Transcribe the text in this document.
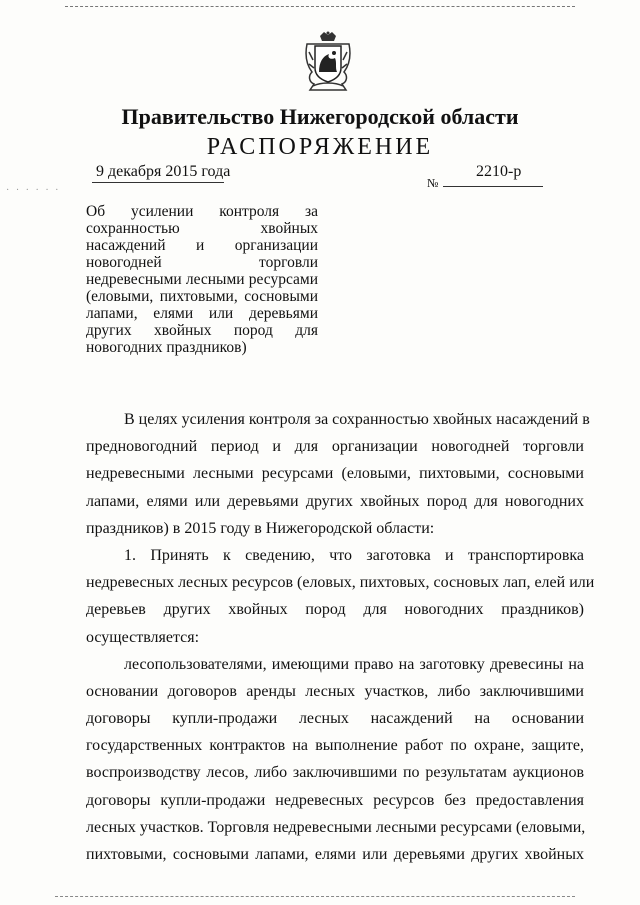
· · · · · ·
Правительство Нижегородской области
РАСПОРЯЖЕНИЕ
9 декабря 2015 года
№
2210-р
Об усилении контроля за
сохранностью хвойных
насаждений и организации
новогодней торговли
недревесными лесными ресурсами
(еловыми, пихтовыми, сосновыми
лапами, елями или деревьями
других хвойных пород для
новогодних праздников)
В целях усиления контроля за сохранностью хвойных насаждений в
предновогодний период и для организации новогодней торговли
недревесными лесными ресурсами (еловыми, пихтовыми, сосновыми
лапами, елями или деревьями других хвойных пород для новогодних
праздников) в 2015 году в Нижегородской области:
1. Принять к сведению, что заготовка и транспортировка
недревесных лесных ресурсов (еловых, пихтовых, сосновых лап, елей или
деревьев других хвойных пород для новогодних праздников)
осуществляется:
лесопользователями, имеющими право на заготовку древесины на
основании договоров аренды лесных участков, либо заключившими
договоры купли-продажи лесных насаждений на основании
государственных контрактов на выполнение работ по охране, защите,
воспроизводству лесов, либо заключившими по результатам аукционов
договоры купли-продажи недревесных ресурсов без предоставления
лесных участков. Торговля недревесными лесными ресурсами (еловыми,
пихтовыми, сосновыми лапами, елями или деревьями других хвойных
